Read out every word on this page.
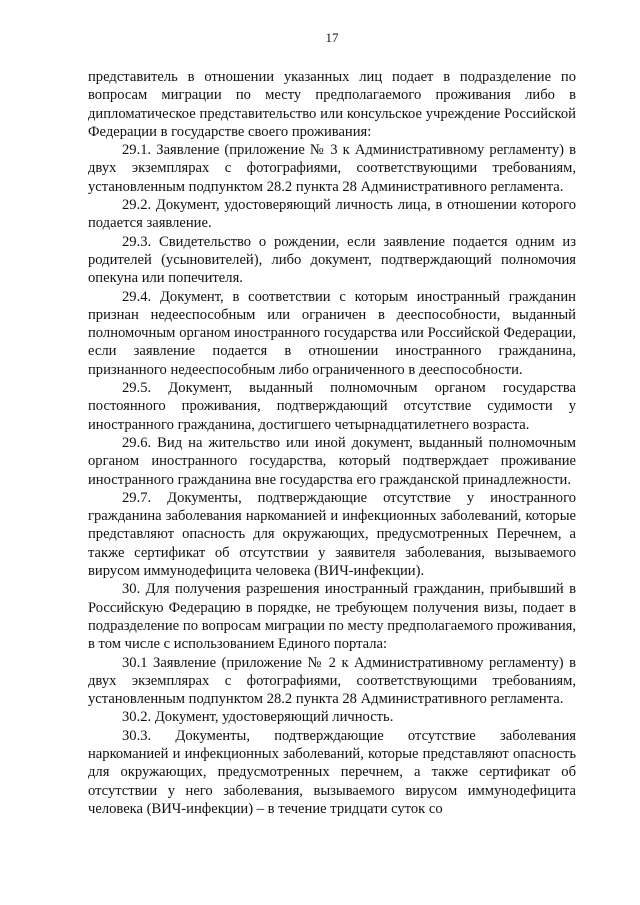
17

представитель в отношении указанных лиц подает в подразделение по вопросам миграции по месту предполагаемого проживания либо в дипломатическое представительство или консульское учреждение Российской Федерации в государстве своего проживания:

29.1. Заявление (приложение № 3 к Административному регламенту) в двух экземплярах с фотографиями, соответствующими требованиям, установленным подпунктом 28.2 пункта 28 Административного регламента.

29.2. Документ, удостоверяющий личность лица, в отношении которого подается заявление.

29.3. Свидетельство о рождении, если заявление подается одним из родителей (усыновителей), либо документ, подтверждающий полномочия опекуна или попечителя.

29.4. Документ, в соответствии с которым иностранный гражданин признан недееспособным или ограничен в дееспособности, выданный полномочным органом иностранного государства или Российской Федерации, если заявление подается в отношении иностранного гражданина, признанного недееспособным либо ограниченного в дееспособности.

29.5. Документ, выданный полномочным органом государства постоянного проживания, подтверждающий отсутствие судимости у иностранного гражданина, достигшего четырнадцатилетнего возраста.

29.6. Вид на жительство или иной документ, выданный полномочным органом иностранного государства, который подтверждает проживание иностранного гражданина вне государства его гражданской принадлежности.

29.7. Документы, подтверждающие отсутствие у иностранного гражданина заболевания наркоманией и инфекционных заболеваний, которые представляют опасность для окружающих, предусмотренных Перечнем, а также сертификат об отсутствии у заявителя заболевания, вызываемого вирусом иммунодефицита человека (ВИЧ-инфекции).

30. Для получения разрешения иностранный гражданин, прибывший в Российскую Федерацию в порядке, не требующем получения визы, подает в подразделение по вопросам миграции по месту предполагаемого проживания, в том числе с использованием Единого портала:

30.1 Заявление (приложение № 2 к Административному регламенту) в двух экземплярах с фотографиями, соответствующими требованиям, установленным подпунктом 28.2 пункта 28 Административного регламента.

30.2. Документ, удостоверяющий личность.

30.3. Документы, подтверждающие отсутствие заболевания наркоманией и инфекционных заболеваний, которые представляют опасность для окружающих, предусмотренных перечнем, а также сертификат об отсутствии у него заболевания, вызываемого вирусом иммунодефицита человека (ВИЧ-инфекции) – в течение тридцати суток со
